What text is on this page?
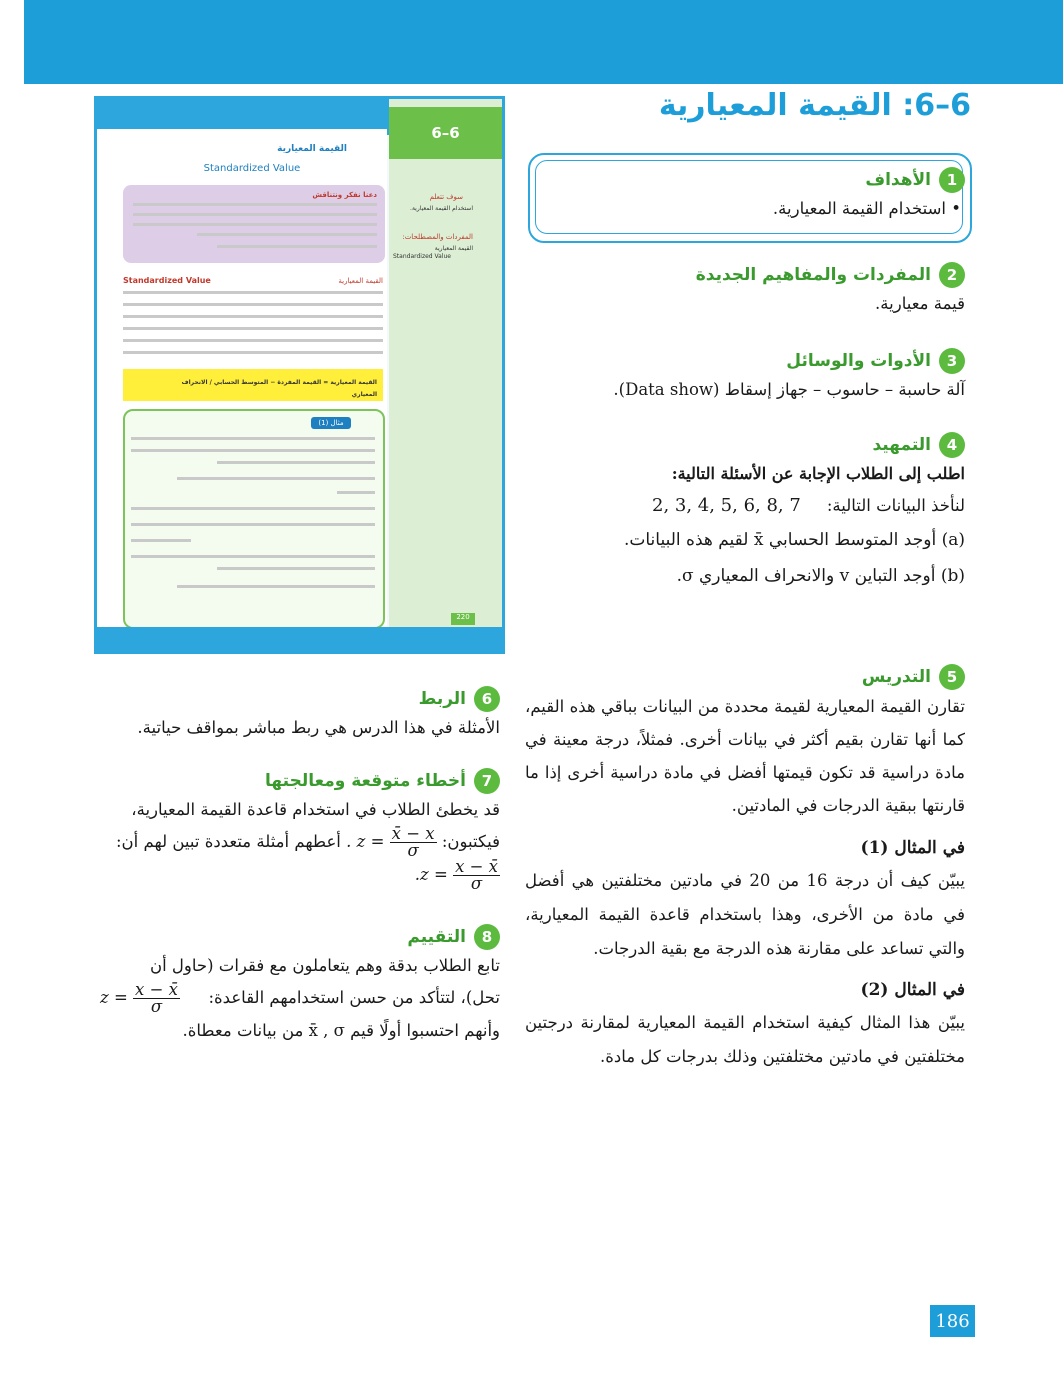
6–6: القيمة المعيارية
6–6
القيمة المعيارية
Standardized Value
سوف تتعلم
استخدام القيمة المعيارية.
المفردات والمصطلحات:
القيمة المعيارية
Standardized Value
دعنا نفكر ونتناقش
Standardized Value	القيمة المعيارية
القيمة المعيارية = القيمة المفردة − المتوسط الحسابي / الانحراف المعياري
مثال (1)
220
1
الأهداف
• استخدام القيمة المعيارية.
2
المفردات والمفاهيم الجديدة
قيمة معيارية.
3
الأدوات والوسائل
آلة حاسبة – حاسوب – جهاز إسقاط (Data show).
4
التمهيد
اطلب إلى الطلاب الإجابة عن الأسئلة التالية:
لنأخذ البيانات التالية:
2, 3, 4, 5, 6, 8, 7
(a) أوجد المتوسط الحسابي x̄ لقيم هذه البيانات.
(b) أوجد التباين v والانحراف المعياري σ.
5
التدريس
تقارن القيمة المعيارية لقيمة محددة من البيانات بباقي هذه القيم، كما أنها تقارن بقيم أكثر في بيانات أخرى. فمثلاً، درجة معينة في مادة دراسية قد تكون قيمتها أفضل في مادة دراسية أخرى إذا ما قارنتها ببقية الدرجات في المادتين.
في المثال (1)
يبيّن كيف أن درجة 16 من 20 في مادتين مختلفتين هي أفضل في مادة من الأخرى، وهذا باستخدام قاعدة القيمة المعيارية، والتي تساعد على مقارنة هذه الدرجة مع بقية الدرجات.
في المثال (2)
يبيّن هذا المثال كيفية استخدام القيمة المعيارية لمقارنة درجتين مختلفتين في مادتين مختلفتين وذلك بدرجات كل مادة.
6
الربط
الأمثلة في هذا الدرس هي ربط مباشر بمواقف حياتية.
7
أخطاء متوقعة ومعالجتها
قد يخطئ الطلاب في استخدام قاعدة القيمة المعيارية،
فيكتبون:
$\frac{x̄ - x}{\sigma}$
= z . أعطهم أمثلة متعددة تبين لهم أن:
$.z = \frac{x - x̄}{\sigma}$
8
التقييم
تابع الطلاب بدقة وهم يتعاملون مع فقرات (حاول أن
تحل)، لتتأكد من حسن استخدامهم القاعدة:
$z = \frac{x - x̄}{\sigma}$
وأنهم احتسبوا أولًا قيم x̄ , σ من بيانات معطاة.
186
